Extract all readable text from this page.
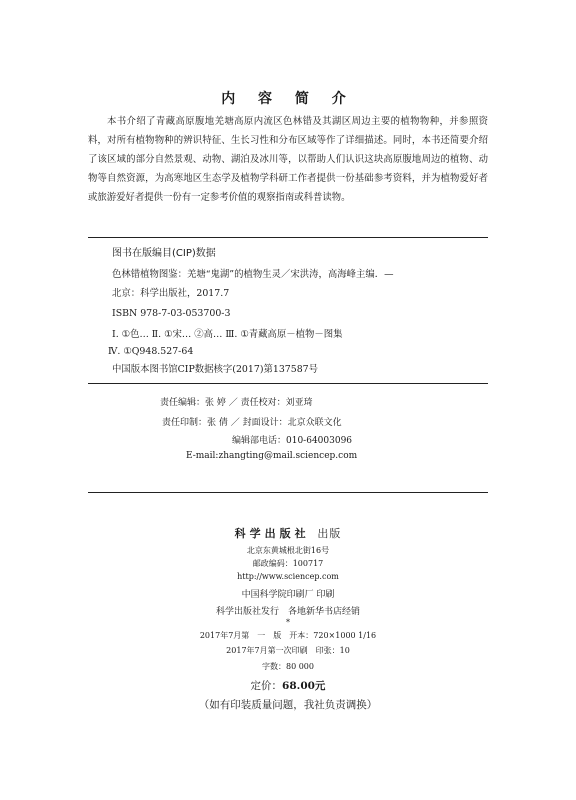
内 容 简 介
本书介绍了青藏高原腹地羌塘高原内流区色林错及其湖区周边主要的植物物种，并参照资料，对所有植物物种的辨识特征、生长习性和分布区域等作了详细描述。同时，本书还简要介绍了该区域的部分自然景观、动物、湖泊及冰川等，以帮助人们认识这块高原腹地周边的植物、动物等自然资源，为高寒地区生态学及植物学科研工作者提供一份基础参考资料，并为植物爱好者或旅游爱好者提供一份有一定参考价值的观察指南或科普读物。
图书在版编目(CIP)数据
色林错植物图鉴：羌塘“鬼湖”的植物生灵／宋洪涛，高海峰主编．—
北京：科学出版社，2017.7
ISBN 978-7-03-053700-3
Ⅰ. ①色… Ⅱ. ①宋… ②高… Ⅲ. ①青藏高原－植物－图集
Ⅳ. ①Q948.527-64
中国版本图书馆CIP数据核字(2017)第137587号
责任编辑：张 婷 ／ 责任校对：刘亚琦
责任印制：张 倩 ／ 封面设计：北京众联文化
编辑部电话：010-64003096
E-mail:zhangting@mail.sciencep.com
科学出版社 出版
北京东黄城根北街16号
邮政编码：100717
http://www.sciencep.com
中国科学院印刷厂 印刷
科学出版社发行　各地新华书店经销
*
2017年7月第　一　版　开本：720×1000 1/16
2017年7月第一次印刷　印张：10
字数：80 000
定价：68.00元
（如有印装质量问题，我社负责调换）
